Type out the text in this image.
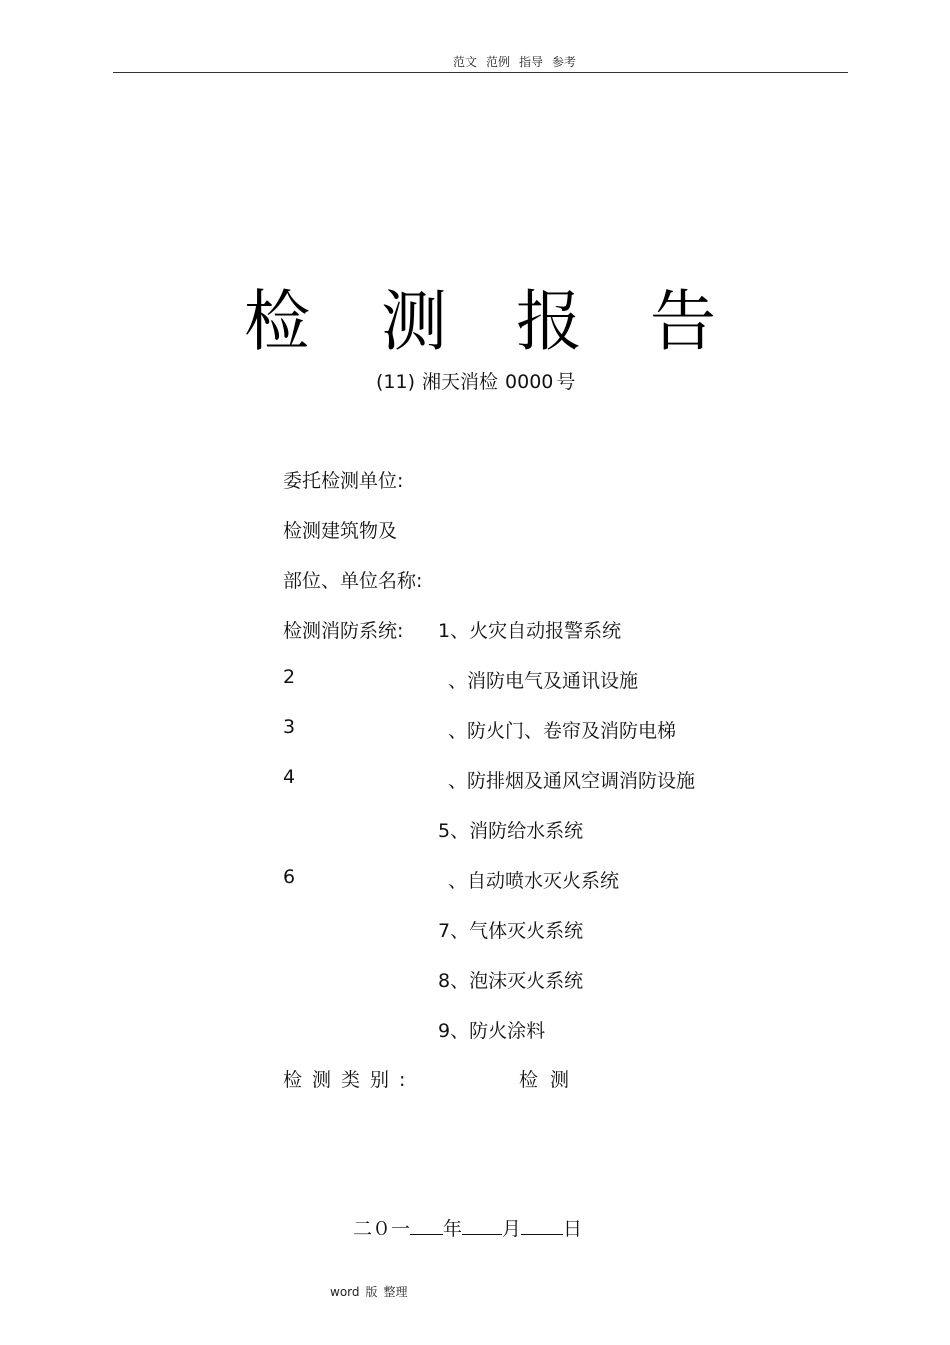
范文 范例 指导 参考
检 测 报 告
(11) 湘天消检 0000 号
委托检测单位:
检测建筑物及
部位、单位名称:
检测消防系统: 1、火灾自动报警系统
2	、消防电气及通讯设施
3	、防火门、卷帘及消防电梯
4	、防排烟及通风空调消防设施
5、消防给水系统
6	、自动喷水灭火系统
7、气体灭火系统
8、泡沫灭火系统
9、防火涂料
检测类别:	检测
二０一 年 月 日
word 版 整理
